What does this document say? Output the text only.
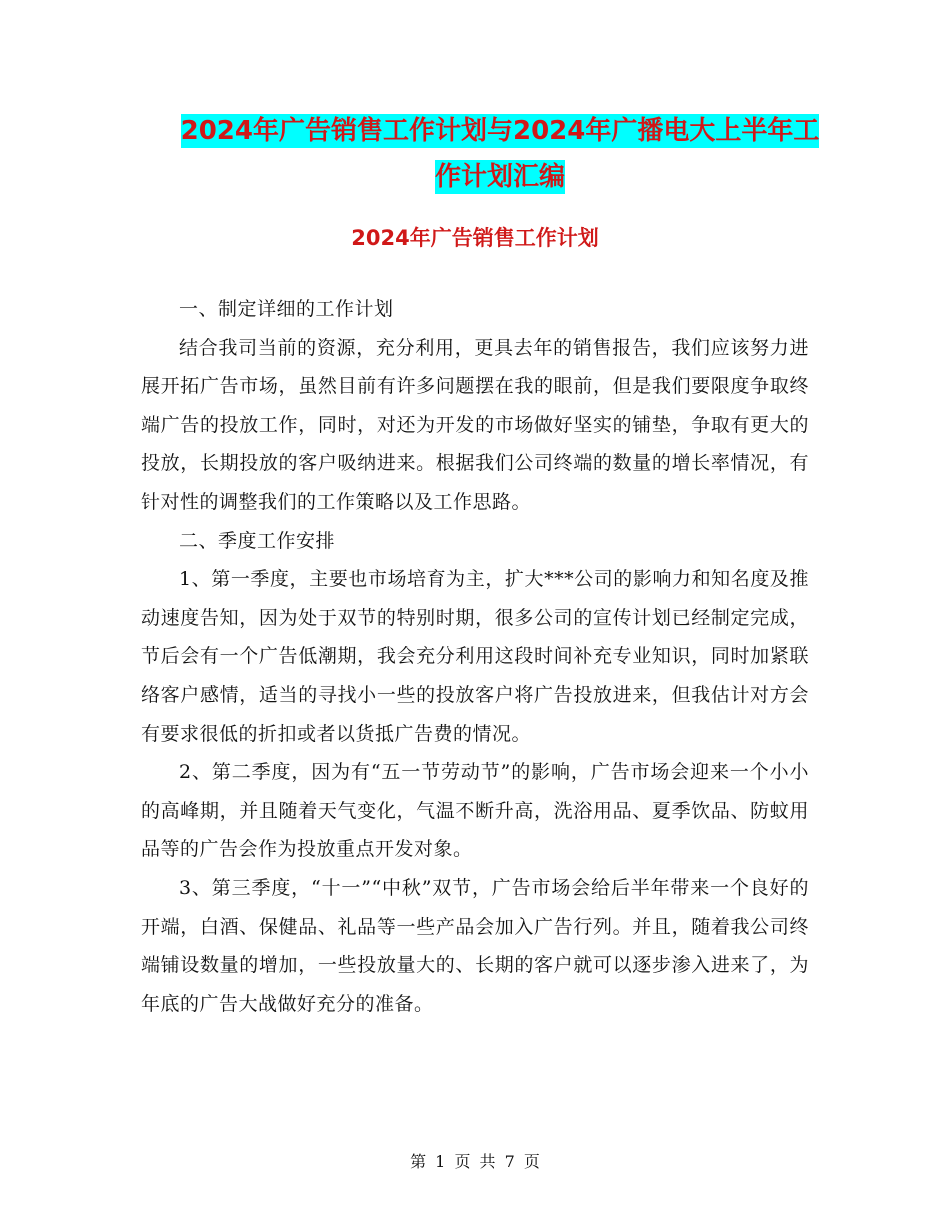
2024年广告销售工作计划与2024年广播电大上半年工
作计划汇编
2024年广告销售工作计划

一、制定详细的工作计划

结合我司当前的资源，充分利用，更具去年的销售报告，我们应该努力进展开拓广告市场，虽然目前有许多问题摆在我的眼前，但是我们要限度争取终端广告的投放工作，同时，对还为开发的市场做好坚实的铺垫，争取有更大的投放，长期投放的客户吸纳进来。根据我们公司终端的数量的增长率情况，有针对性的调整我们的工作策略以及工作思路。

二、季度工作安排

1、第一季度，主要也市场培育为主，扩大***公司的影响力和知名度及推动速度告知，因为处于双节的特别时期，很多公司的宣传计划已经制定完成，节后会有一个广告低潮期，我会充分利用这段时间补充专业知识，同时加紧联络客户感情，适当的寻找小一些的投放客户将广告投放进来，但我估计对方会有要求很低的折扣或者以货抵广告费的情况。

2、第二季度，因为有“五一节劳动节”的影响，广告市场会迎来一个小小的高峰期，并且随着天气变化，气温不断升高，洗浴用品、夏季饮品、防蚊用品等的广告会作为投放重点开发对象。

3、第三季度，“十一”“中秋”双节，广告市场会给后半年带来一个良好的开端，白酒、保健品、礼品等一些产品会加入广告行列。并且，随着我公司终端铺设数量的增加，一些投放量大的、长期的客户就可以逐步渗入进来了，为年底的广告大战做好充分的准备。

第 1 页 共 7 页
